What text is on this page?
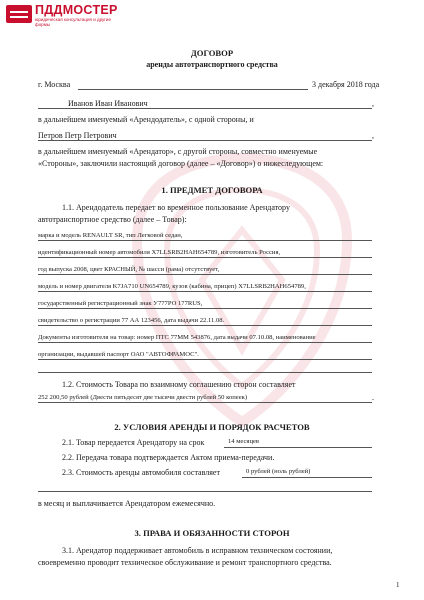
ПДДМОСТЕР
юридическая консультация и другие формы
ДОГОВОР
аренды автотранспортного средства
г. Москва	3 декабря 2018 года
Иванов Иван Иванович	,
в дальнейшем именуемый «Арендодатель», с одной стороны, и
Петров Петр Петрович	,
в дальнейшем именуемый «Арендатор», с другой стороны, совместно именуемые
«Стороны», заключили настоящий договор (далее – «Договор») о нижеследующем:
1. ПРЕДМЕТ ДОГОВОРА
1.1. Арендодатель передает во временное пользование Арендатору
автотранспортное средство (далее – Товар):
марка и модель RENAULT SR, тип Легковой седан,
идентификационный номер автомобиля X7LLSRB2HAH654789, изготовитель Россия,
год выпуска 2008, цвет КРАСНЫЙ, № шасси (рама) отсутствует,
модель и номер двигателя K7JA710 UN654789, кузов (кабина, прицеп) X7LLSRB2HAH654789,
государственный регистрационный знак У777РО 177RUS,
свидетельство о регистрации 77 АА 123456, дата выдачи 22.11.08.
Документы изготовителя на товар: номер ПТС 77ММ 543876, дата выдачи 07.10.08, наименование
организации, выдавшей паспорт ОАО "АВТОФРАМОС".
1.2. Стоимость Товара по взаимному соглашению сторон составляет
252 200,50 рублей (Двести пятьдесят две тысячи двести рублей 50 копеек)	.
2. УСЛОВИЯ АРЕНДЫ И ПОРЯДОК РАСЧЕТОВ
2.1. Товар передается Арендатору на срок	14 месяцев
2.2. Передача товара подтверждается Актом приема-передачи.
2.3. Стоимость аренды автомобиля составляет	0 рублей (ноль рублей)
в месяц и выплачивается Арендатором ежемесячно.
3. ПРАВА И ОБЯЗАННОСТИ СТОРОН
3.1. Арендатор поддерживает автомобиль в исправном техническом состоянии,
своевременно проводит техническое обслуживание и ремонт транспортного средства.
1
